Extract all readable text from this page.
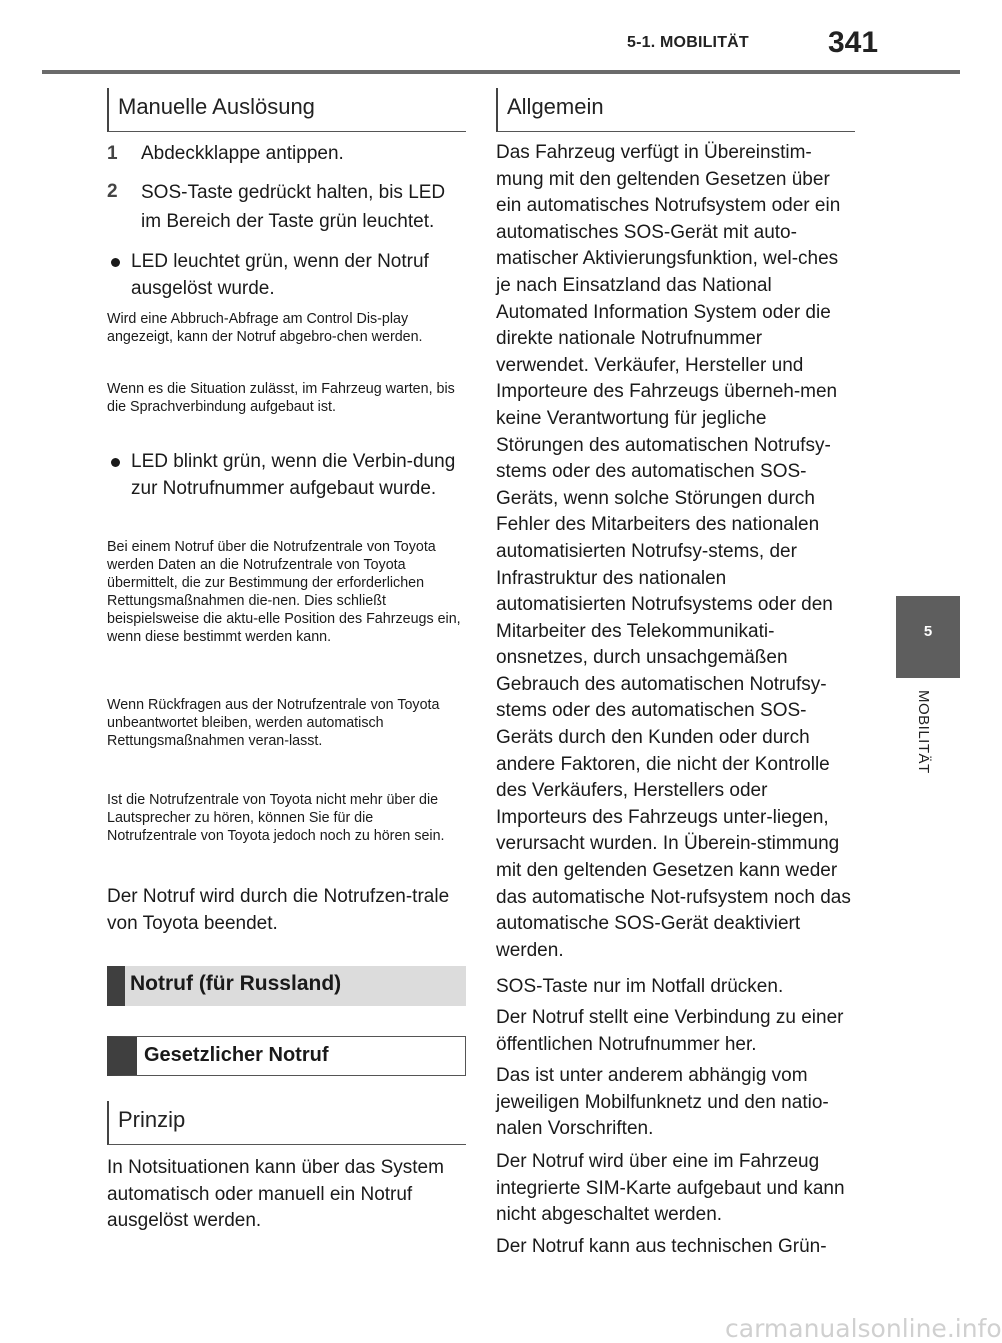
5-1. MOBILITÄT	341
5
MOBILITÄT
Manuelle Auslösung
1	Abdeckklappe antippen.
2	SOS-Taste gedrückt halten, bis LED im Bereich der Taste grün leuchtet.
LED leuchtet grün, wenn der Notruf ausgelöst wurde.
Wird eine Abbruch-Abfrage am Control Dis-play angezeigt, kann der Notruf abgebro-chen werden.
Wenn es die Situation zulässt, im Fahrzeug warten, bis die Sprachverbindung aufgebaut ist.
LED blinkt grün, wenn die Verbin-dung zur Notrufnummer aufgebaut wurde.
Bei einem Notruf über die Notrufzentrale von Toyota werden Daten an die Notrufzentrale von Toyota übermittelt, die zur Bestimmung der erforderlichen Rettungsmaßnahmen die-nen. Dies schließt beispielsweise die aktu-elle Position des Fahrzeugs ein, wenn diese bestimmt werden kann.
Wenn Rückfragen aus der Notrufzentrale von Toyota unbeantwortet bleiben, werden automatisch Rettungsmaßnahmen veran-lasst.
Ist die Notrufzentrale von Toyota nicht mehr über die Lautsprecher zu hören, können Sie für die Notrufzentrale von Toyota jedoch noch zu hören sein.
Der Notruf wird durch die Notrufzen-trale von Toyota beendet.
Notruf (für Russland)
Gesetzlicher Notruf
Prinzip
In Notsituationen kann über das System automatisch oder manuell ein Notruf ausgelöst werden.
Allgemein
Das Fahrzeug verfügt in Übereinstim-mung mit den geltenden Gesetzen über ein automatisches Notrufsystem oder ein automatisches SOS-Gerät mit auto-matischer Aktivierungsfunktion, wel-ches je nach Einsatzland das National Automated Information System oder die direkte nationale Notrufnummer verwendet. Verkäufer, Hersteller und Importeure des Fahrzeugs überneh-men keine Verantwortung für jegliche Störungen des automatischen Notrufsy-stems oder des automatischen SOS-Geräts, wenn solche Störungen durch Fehler des Mitarbeiters des nationalen automatisierten Notrufsy-stems, der Infrastruktur des nationalen automatisierten Notrufsystems oder den Mitarbeiter des Telekommunikati-onsnetzes, durch unsachgemäßen Gebrauch des automatischen Notrufsy-stems oder des automatischen SOS-Geräts durch den Kunden oder durch andere Faktoren, die nicht der Kontrolle des Verkäufers, Herstellers oder Importeurs des Fahrzeugs unter-liegen, verursacht wurden. In Überein-stimmung mit den geltenden Gesetzen kann weder das automatische Not-rufsystem noch das automatische SOS-Gerät deaktiviert werden.
SOS-Taste nur im Notfall drücken.
Der Notruf stellt eine Verbindung zu einer öffentlichen Notrufnummer her.
Das ist unter anderem abhängig vom jeweiligen Mobilfunknetz und den natio-nalen Vorschriften.
Der Notruf wird über eine im Fahrzeug integrierte SIM-Karte aufgebaut und kann nicht abgeschaltet werden.
Der Notruf kann aus technischen Grün-
carmanualsonline.info
